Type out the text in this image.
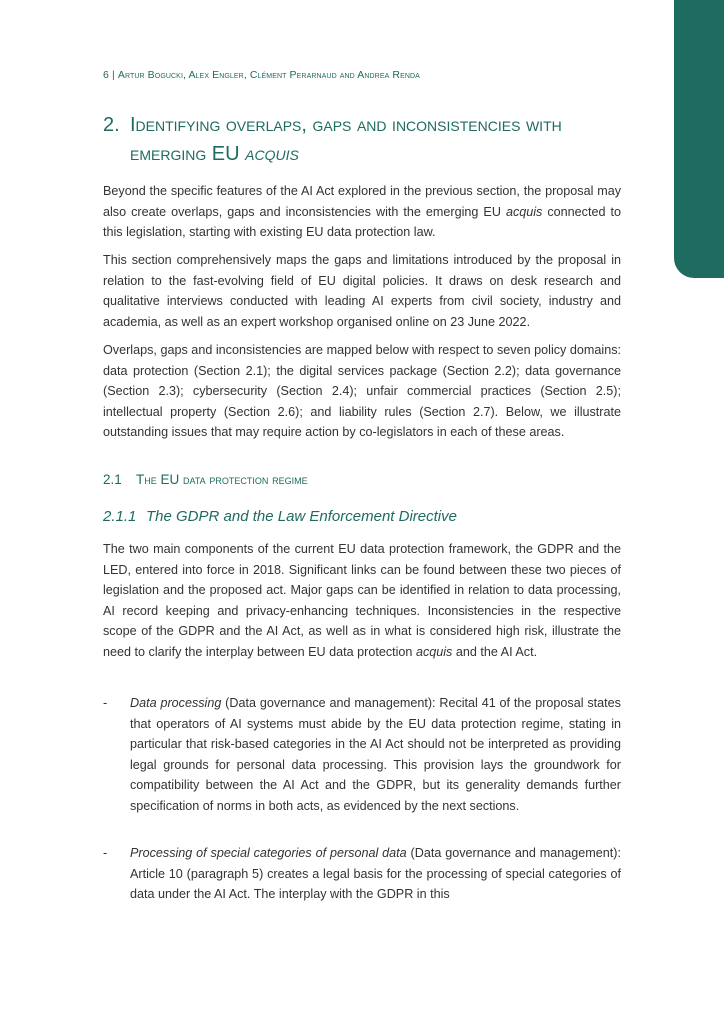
6 | Artur Bogucki, Alex Engler, Clément Perarnaud and Andrea Renda
2. Identifying overlaps, gaps and inconsistencies with
emerging EU acquis

Beyond the specific features of the AI Act explored in the previous section, the proposal may also create overlaps, gaps and inconsistencies with the emerging EU acquis connected to this legislation, starting with existing EU data protection law.

This section comprehensively maps the gaps and limitations introduced by the proposal in relation to the fast-evolving field of EU digital policies. It draws on desk research and qualitative interviews conducted with leading AI experts from civil society, industry and academia, as well as an expert workshop organised online on 23 June 2022.

Overlaps, gaps and inconsistencies are mapped below with respect to seven policy domains: data protection (Section 2.1); the digital services package (Section 2.2); data governance (Section 2.3); cybersecurity (Section 2.4); unfair commercial practices (Section 2.5); intellectual property (Section 2.6); and liability rules (Section 2.7). Below, we illustrate outstanding issues that may require action by co-legislators in each of these areas.

2.1 The EU data protection regime
2.1.1 The GDPR and the Law Enforcement Directive

The two main components of the current EU data protection framework, the GDPR and the LED, entered into force in 2018. Significant links can be found between these two pieces of legislation and the proposed act. Major gaps can be identified in relation to data processing, AI record keeping and privacy-enhancing techniques. Inconsistencies in the respective scope of the GDPR and the AI Act, as well as in what is considered high risk, illustrate the need to clarify the interplay between EU data protection acquis and the AI Act.

- Data processing (Data governance and management): Recital 41 of the proposal states that operators of AI systems must abide by the EU data protection regime, stating in particular that risk-based categories in the AI Act should not be interpreted as providing legal grounds for personal data processing. This provision lays the groundwork for compatibility between the AI Act and the GDPR, but its generality demands further specification of norms in both acts, as evidenced by the next sections.
- Processing of special categories of personal data (Data governance and management): Article 10 (paragraph 5) creates a legal basis for the processing of special categories of data under the AI Act. The interplay with the GDPR in this
